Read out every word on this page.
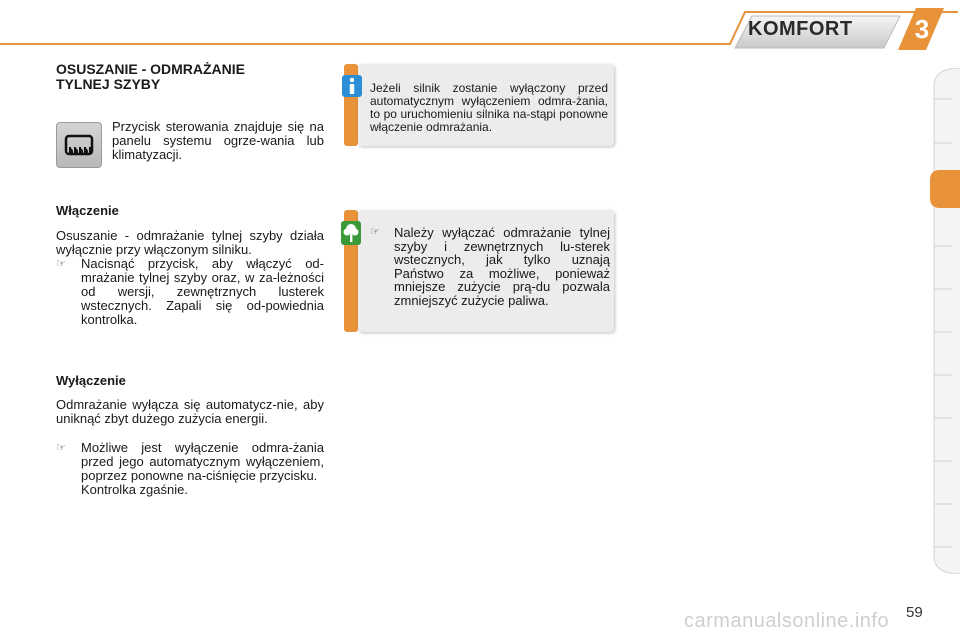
KOMFORT 3
OSUSZANIE - ODMRAŻANIE
TYLNEJ SZYBY
Przycisk sterowania znajduje się na panelu systemu ogrze-wania lub klimatyzacji.
Włączenie
Osuszanie - odmrażanie tylnej szyby działa wyłącznie przy włączonym silniku.
☞ Nacisnąć przycisk, aby włączyć od-mrażanie tylnej szyby oraz, w za-leżności od wersji, zewnętrznych lusterek wstecznych. Zapali się od-powiednia kontrolka.
Wyłączenie
Odmrażanie wyłącza się automatycz-nie, aby uniknąć zbyt dużego zużycia energii.
☞ Możliwe jest wyłączenie odmra-żania przed jego automatycznym wyłączeniem, poprzez ponowne na-ciśnięcie przycisku.
Kontrolka zgaśnie.
Jeżeli silnik zostanie wyłączony przed automatycznym wyłączeniem odmra-żania, to po uruchomieniu silnika na-stąpi ponowne włączenie odmrażania.
☞ Należy wyłączać odmrażanie tylnej szyby i zewnętrznych lu-sterek wstecznych, jak tylko uznają Państwo za możliwe, ponieważ mniejsze zużycie prą-du pozwala zmniejszyć zużycie paliwa.
carmanualsonline.info 59
